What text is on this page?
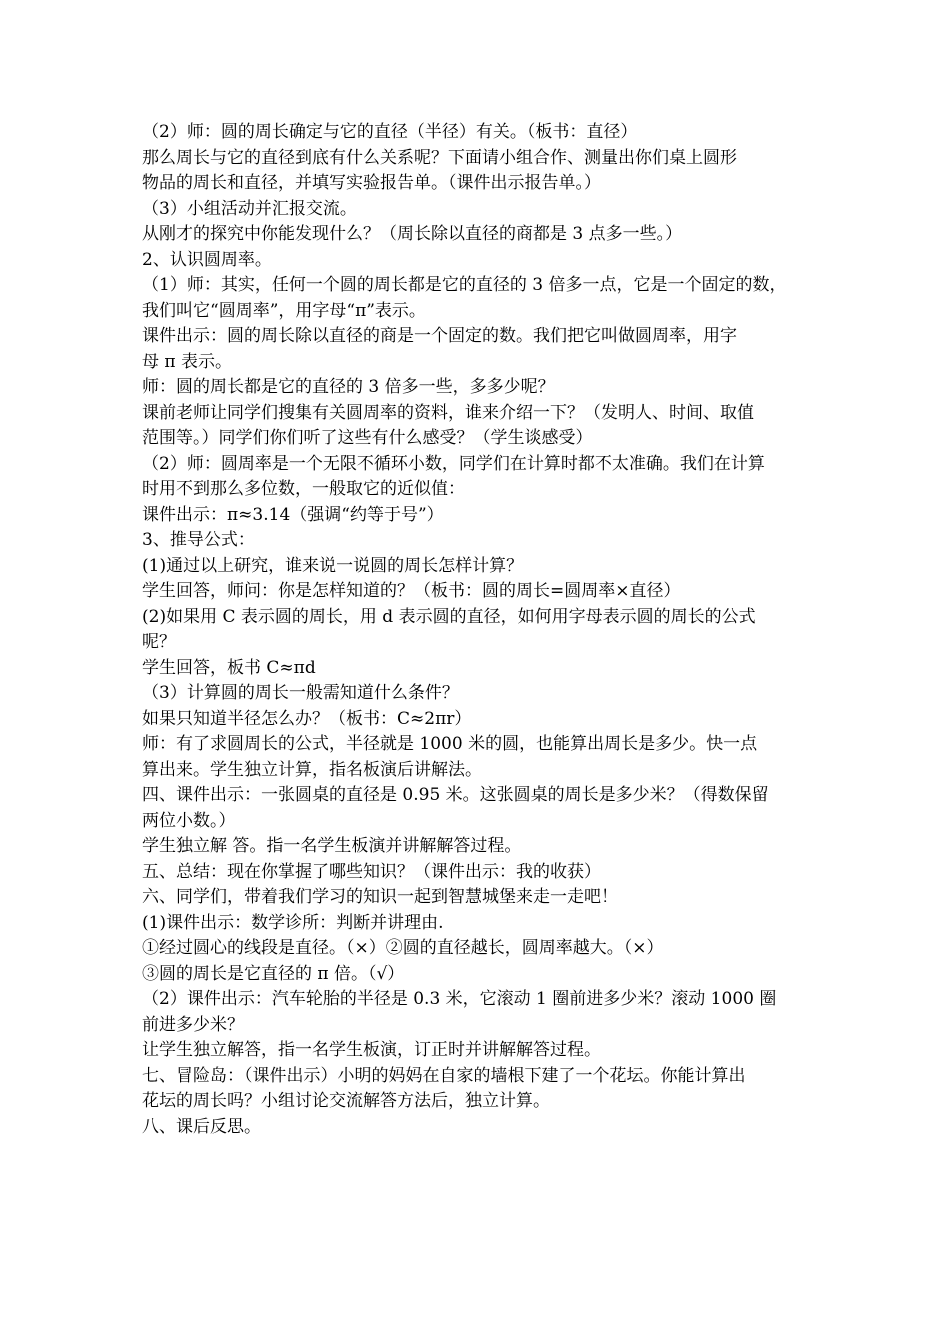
（2）师：圆的周长确定与它的直径（半径）有关。（板书：直径）
那么周长与它的直径到底有什么关系呢？下面请小组合作、测量出你们桌上圆形
物品的周长和直径，并填写实验报告单。（课件出示报告单。）
（3）小组活动并汇报交流。
从刚才的探究中你能发现什么？（周长除以直径的商都是 3 点多一些。）
2、认识圆周率。
（1）师：其实，任何一个圆的周长都是它的直径的 3 倍多一点，它是一个固定的数，
我们叫它“圆周率”，用字母“π”表示。
课件出示：圆的周长除以直径的商是一个固定的数。我们把它叫做圆周率，用字
母 π 表示。
师：圆的周长都是它的直径的 3 倍多一些，多多少呢？
课前老师让同学们搜集有关圆周率的资料，谁来介绍一下？（发明人、时间、取值
范围等。）同学们你们听了这些有什么感受？（学生谈感受）
（2）师：圆周率是一个无限不循环小数，同学们在计算时都不太准确。我们在计算
时用不到那么多位数，一般取它的近似值：
课件出示：π≈3.14（强调“约等于号”）
3、推导公式：
(1)通过以上研究，谁来说一说圆的周长怎样计算？
学生回答，师问：你是怎样知道的？（板书：圆的周长=圆周率×直径）
(2)如果用 C 表示圆的周长，用 d 表示圆的直径，如何用字母表示圆的周长的公式
呢？
学生回答，板书 C≈πd
（3）计算圆的周长一般需知道什么条件？
如果只知道半径怎么办？（板书：C≈2πr）
师：有了求圆周长的公式，半径就是 1000 米的圆，也能算出周长是多少。快一点
算出来。学生独立计算，指名板演后讲解法。
四、课件出示：一张圆桌的直径是 0.95 米。这张圆桌的周长是多少米？（得数保留
两位小数。）
学生独立解 答。指一名学生板演并讲解解答过程。
五、总结：现在你掌握了哪些知识？（课件出示：我的收获）
六、同学们，带着我们学习的知识一起到智慧城堡来走一走吧！
(1)课件出示：数学诊所：判断并讲理由.
①经过圆心的线段是直径。（×）②圆的直径越长，圆周率越大。（×）
③圆的周长是它直径的 π 倍。（√）
（2）课件出示：汽车轮胎的半径是 0.3 米，它滚动 1 圈前进多少米？滚动 1000 圈
前进多少米？
让学生独立解答，指一名学生板演，订正时并讲解解答过程。
七、冒险岛：（课件出示）小明的妈妈在自家的墙根下建了一个花坛。你能计算出
花坛的周长吗？小组讨论交流解答方法后，独立计算。
八、课后反思。
